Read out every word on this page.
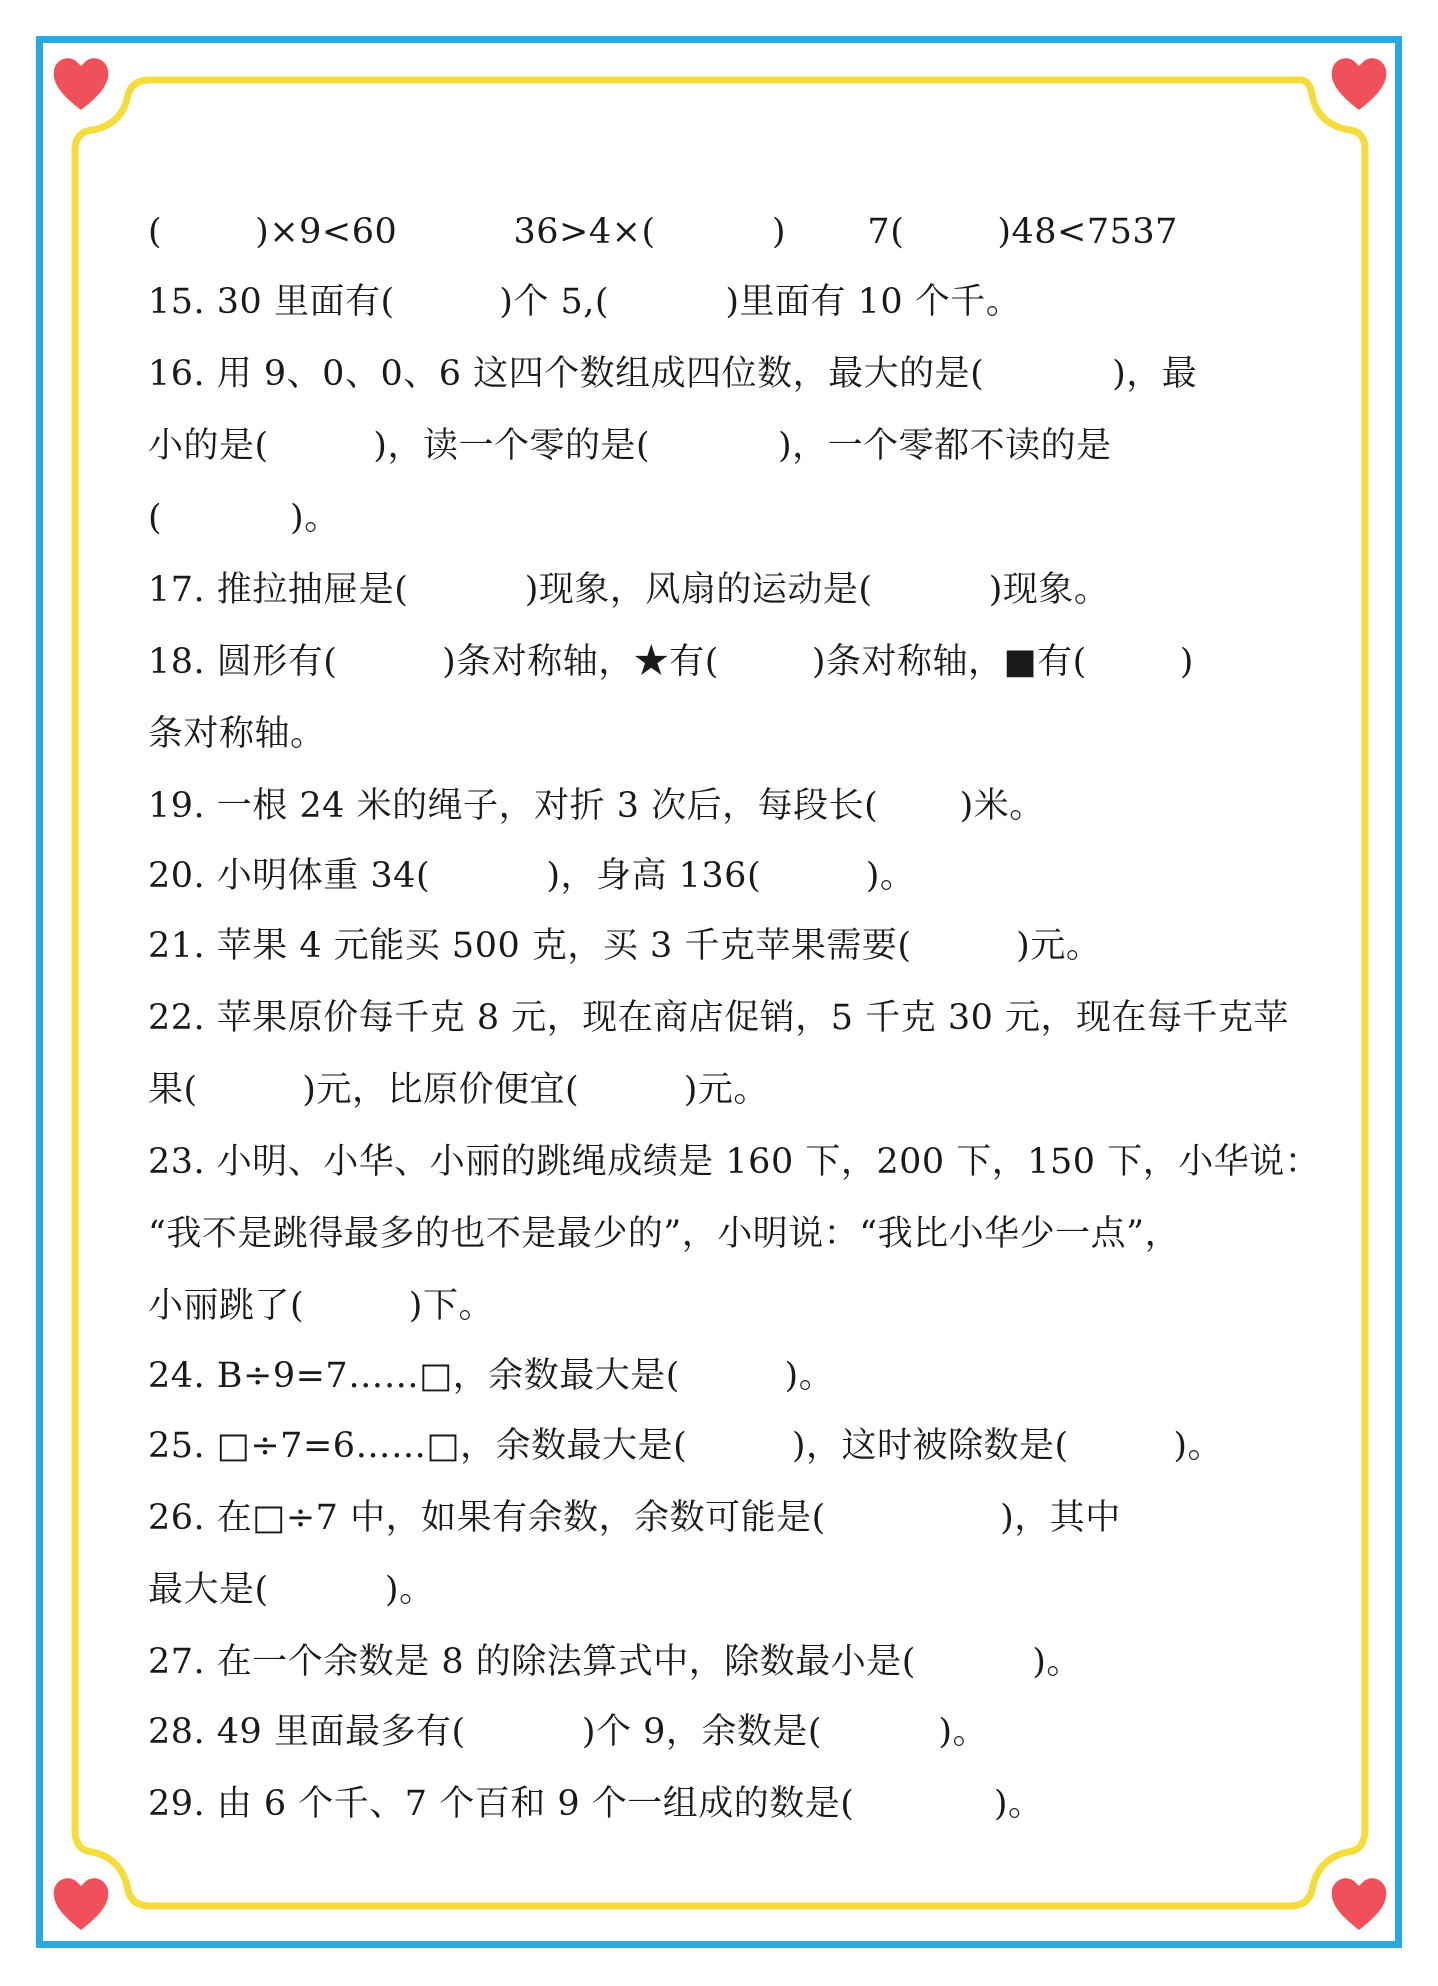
(        )×9<60          36>4×(          )       7(        )48<7537
15. 30 里面有(         )个 5,(          )里面有 10 个千。
16. 用 9、0、0、6 这四个数组成四位数，最大的是(           )，最
小的是(         )，读一个零的是(           )，一个零都不读的是
(           )。
17. 推拉抽屉是(          )现象，风扇的运动是(          )现象。
18. 圆形有(         )条对称轴，★有(        )条对称轴，■有(        )
条对称轴。
19. 一根 24 米的绳子，对折 3 次后，每段长(       )米。
20. 小明体重 34(          )，身高 136(         )。
21. 苹果 4 元能买 500 克，买 3 千克苹果需要(         )元。
22. 苹果原价每千克 8 元，现在商店促销，5 千克 30 元，现在每千克苹
果(         )元，比原价便宜(         )元。
23. 小明、小华、小丽的跳绳成绩是 160 下，200 下，150 下，小华说：
“我不是跳得最多的也不是最少的”，小明说：“我比小华少一点”，
小丽跳了(         )下。
24. B÷9=7……□，余数最大是(         )。
25. □÷7=6……□，余数最大是(         )，这时被除数是(         )。
26. 在□÷7 中，如果有余数，余数可能是(               )，其中
最大是(          )。
27. 在一个余数是 8 的除法算式中，除数最小是(          )。
28. 49 里面最多有(          )个 9，余数是(          )。
29. 由 6 个千、7 个百和 9 个一组成的数是(            )。
